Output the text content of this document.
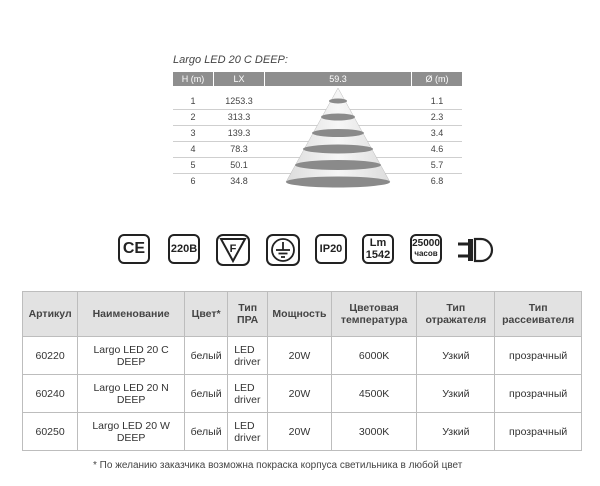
Largo LED 20 C DEEP:
H (m)	LX	59.3	Ø (m)
1	1253.3	1.1
2	313.3	2.3
3	139.3	3.4
4	78.3	4.6
5	50.1	5.7
6	34.8	6.8
CE 220В	F	IP20 Lm
1542
25000
часов
Артикул	Наименование	Цвет*	Тип ПРА	Мощность	Цветовая температура	Тип отражателя	Тип рассеивателя
60220	Largo LED 20 C DEEP	белый	LED driver	20W	6000K	Узкий	прозрачный
60240	Largo LED 20 N DEEP	белый	LED driver	20W	4500K	Узкий	прозрачный
60250	Largo LED 20 W DEEP	белый	LED driver	20W	3000K	Узкий	прозрачный
* По желанию заказчика возможна покраска корпуса светильника в любой цвет
